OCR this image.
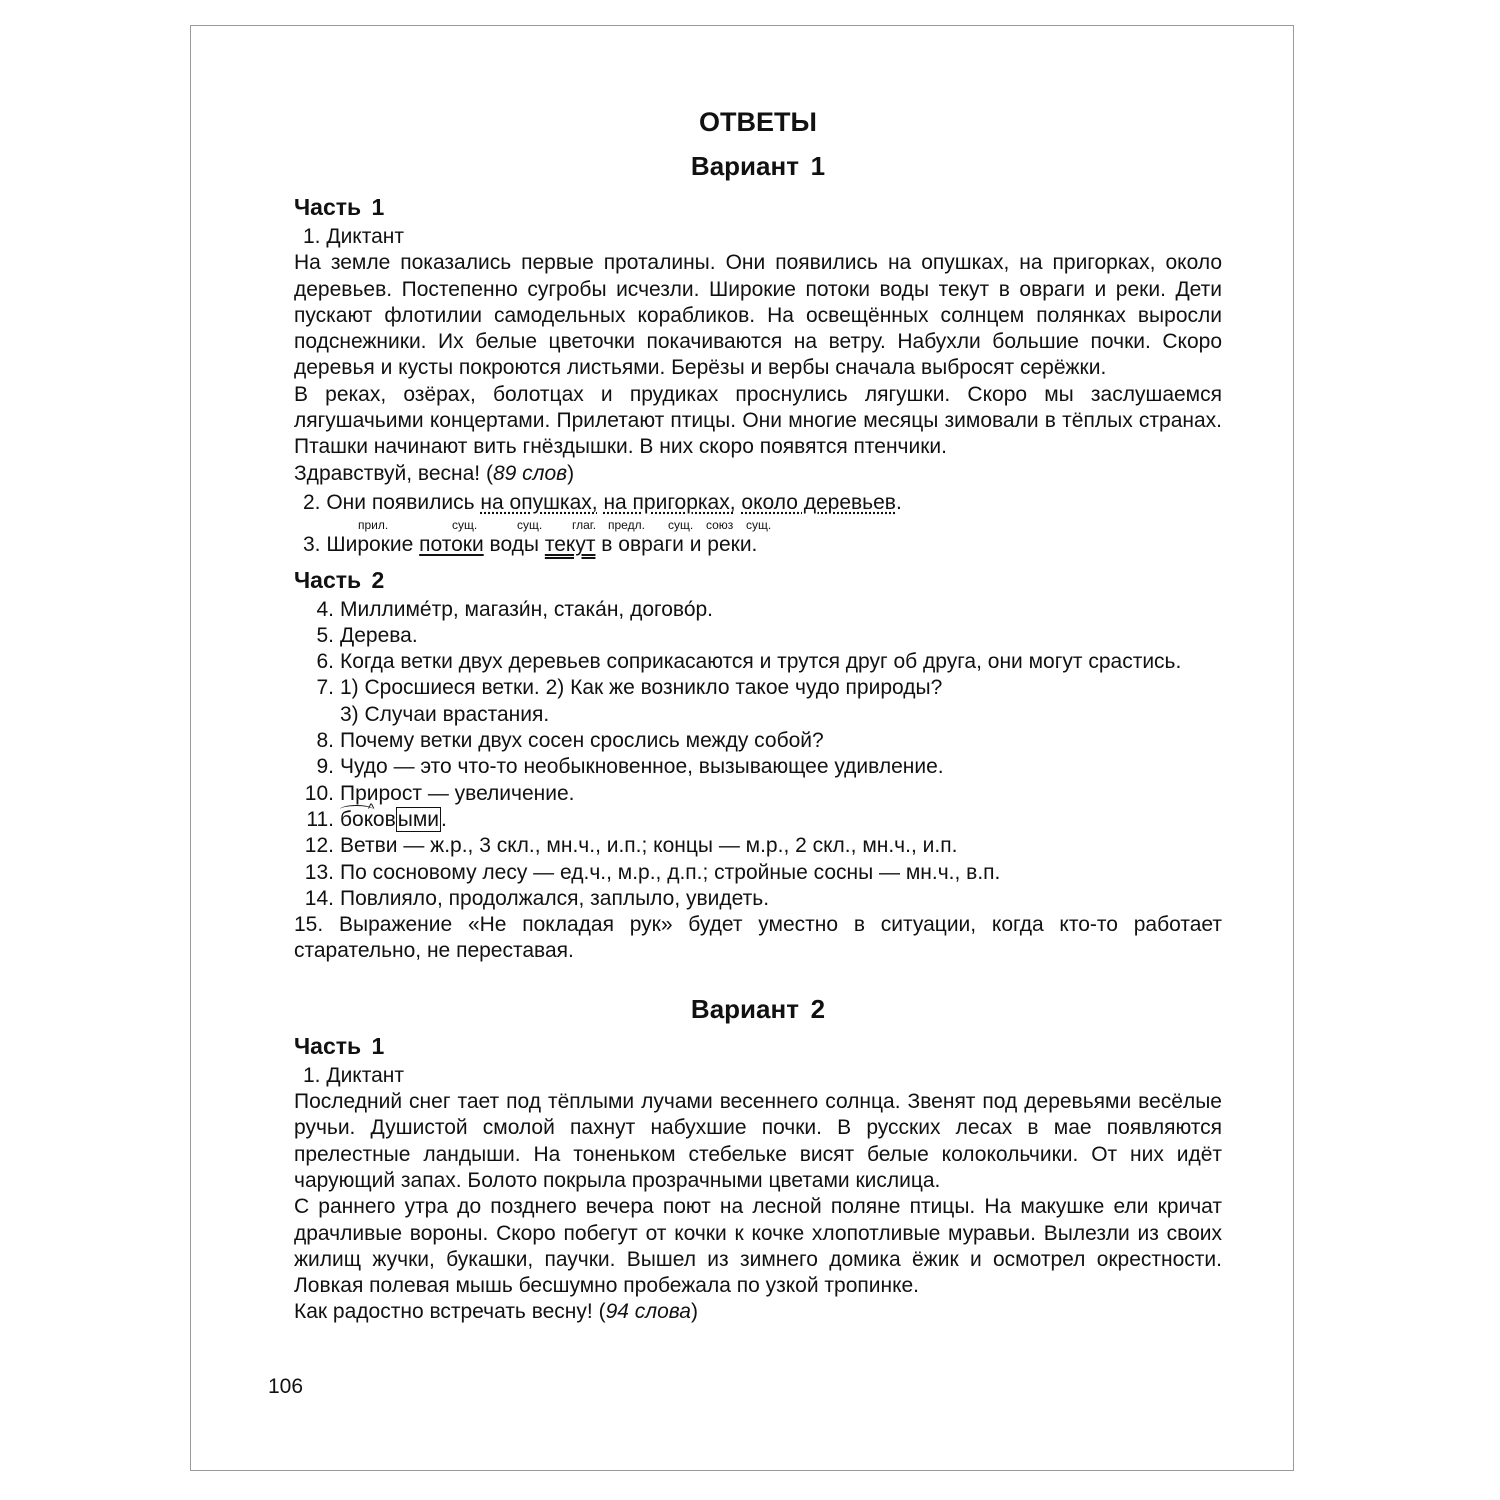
ОТВЕТЫ
Вариант 1
Часть 1
1. Диктант
На земле показались первые проталины. Они появились на опушках, на пригорках, около деревьев. Постепенно сугробы исчезли. Широкие потоки воды текут в овраги и реки. Дети пускают флотилии самодельных корабликов. На освещённых солнцем полянках выросли подснежники. Их белые цветочки покачиваются на ветру. Набухли большие почки. Скоро деревья и кусты покроются листьями. Берёзы и вербы сначала выбросят серёжки.
В реках, озёрах, болотцах и прудиках проснулись лягушки. Скоро мы заслушаемся лягушачьими концертами. Прилетают птицы. Они многие месяцы зимовали в тёплых странах. Пташки начинают вить гнёздышки. В них скоро появятся птенчики.
Здравствуй, весна! (89 слов)
2. Они появились на опушках, на пригорках, около деревьев.
прил.	сущ.	сущ. глаг. предл. сущ. союз сущ.
3. Широкие потоки воды текут в овраги и реки.
Часть 2
4. Миллиме́тр, магази́н, стака́н, догово́р.
5. Дерева.
6. Когда ветки двух деревьев соприкасаются и трутся друг об друга, они могут срастись.
7. 1) Сросшиеся ветки. 2) Как же возникло такое чудо природы?
3) Случаи врастания.
8. Почему ветки двух сосен срослись между собой?
9. Чудо — это что-то необыкновенное, вызывающее удивление.
10. Прирост — увеличение.
11. бок^ овыми.
12. Ветви — ж.р., 3 скл., мн.ч., и.п.; концы — м.р., 2 скл., мн.ч., и.п.
13. По сосновому лесу — ед.ч., м.р., д.п.; стройные сосны — мн.ч., в.п.
14. Повлияло, продолжался, заплыло, увидеть.
15. Выражение «Не покладая рук» будет уместно в ситуации, когда кто-то работает старательно, не переставая.
Вариант 2
Часть 1
1. Диктант
Последний снег тает под тёплыми лучами весеннего солнца. Звенят под деревьями весёлые ручьи. Душистой смолой пахнут набухшие почки. В русских лесах в мае появляются прелестные ландыши. На тоненьком стебельке висят белые колокольчики. От них идёт чарующий запах. Болото покрыла прозрачными цветами кислица.
С раннего утра до позднего вечера поют на лесной поляне птицы. На макушке ели кричат драчливые вороны. Скоро побегут от кочки к кочке хлопотливые муравьи. Вылезли из своих жилищ жучки, букашки, паучки. Вышел из зимнего домика ёжик и осмотрел окрестности. Ловкая полевая мышь бесшумно пробежала по узкой тропинке.
Как радостно встречать весну! (94 слова)
106
